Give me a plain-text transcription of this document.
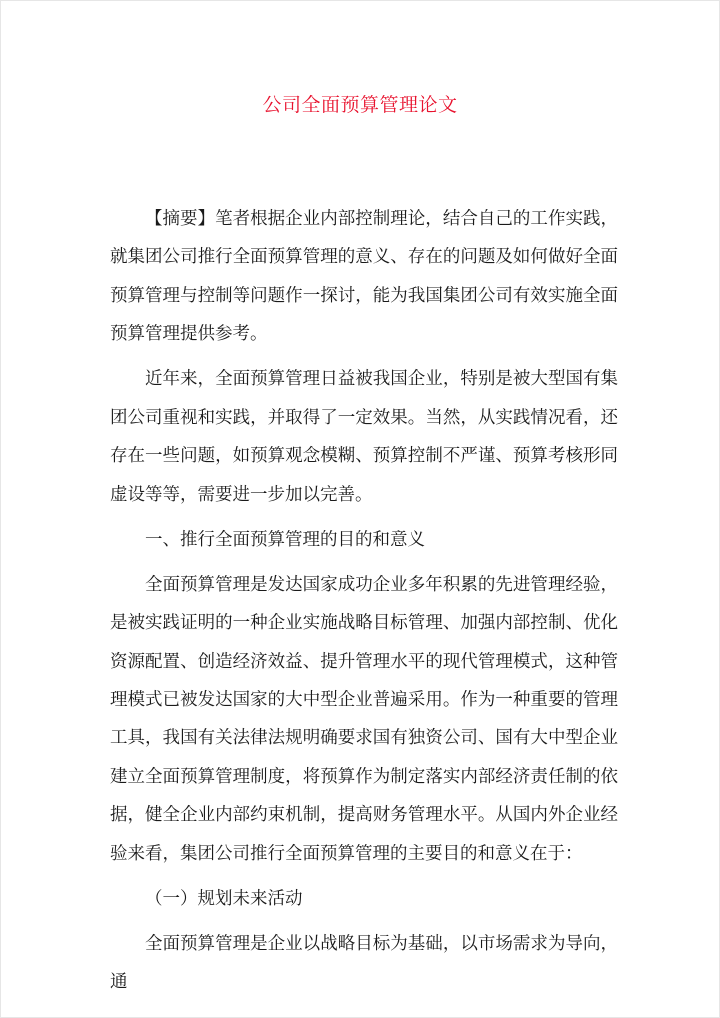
公司全面预算管理论文

【摘要】笔者根据企业内部控制理论，结合自己的工作实践，就集团公司推行全面预算管理的意义、存在的问题及如何做好全面预算管理与控制等问题作一探讨，能为我国集团公司有效实施全面预算管理提供参考。

近年来，全面预算管理日益被我国企业，特别是被大型国有集团公司重视和实践，并取得了一定效果。当然，从实践情况看，还存在一些问题，如预算观念模糊、预算控制不严谨、预算考核形同虚设等等，需要进一步加以完善。

一、推行全面预算管理的目的和意义

全面预算管理是发达国家成功企业多年积累的先进管理经验，是被实践证明的一种企业实施战略目标管理、加强内部控制、优化资源配置、创造经济效益、提升管理水平的现代管理模式，这种管理模式已被发达国家的大中型企业普遍采用。作为一种重要的管理工具，我国有关法律法规明确要求国有独资公司、国有大中型企业建立全面预算管理制度，将预算作为制定落实内部经济责任制的依据，健全企业内部约束机制，提高财务管理水平。从国内外企业经验来看，集团公司推行全面预算管理的主要目的和意义在于：

（一）规划未来活动

全面预算管理是企业以战略目标为基础，以市场需求为导向，通
